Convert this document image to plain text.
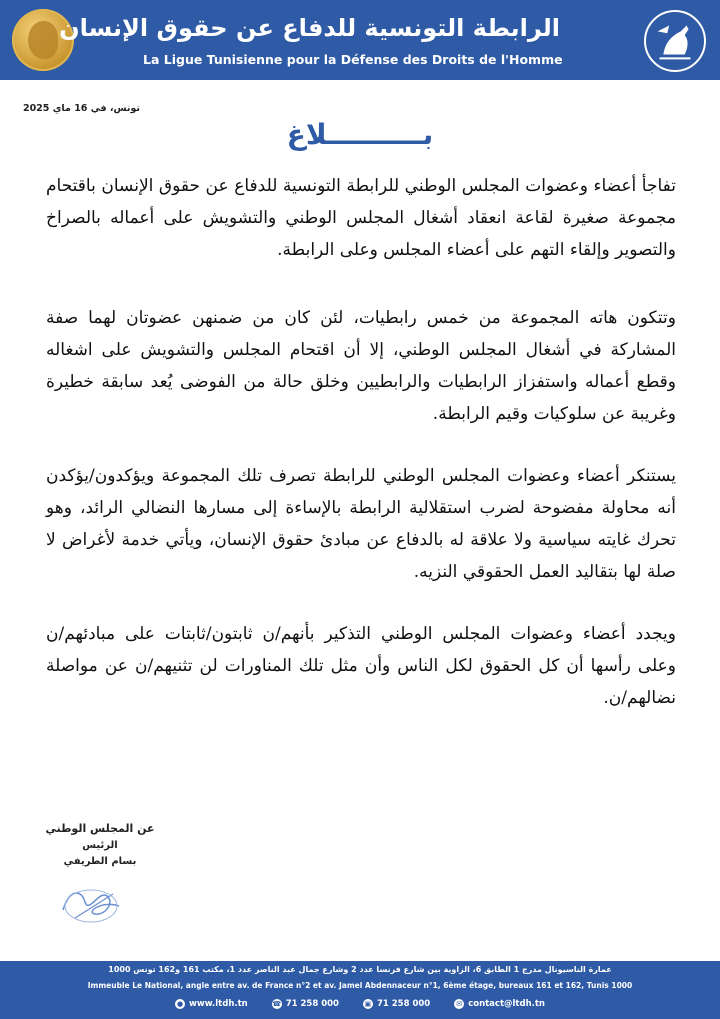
الرابطة التونسية للدفاع عن حقوق الإنسان
La Ligue Tunisienne pour la Défense des Droits de l'Homme
تونس، في 16 ماي 2025
بــــــــــلاغ

تفاجأ أعضاء وعضوات المجلس الوطني للرابطة التونسية للدفاع عن حقوق الإنسان باقتحام مجموعة صغيرة لقاعة انعقاد أشغال المجلس الوطني والتشويش على أعماله بالصراخ والتصوير وإلقاء التهم على أعضاء المجلس وعلى الرابطة.

وتتكون هاته المجموعة من خمس رابطيات، لئن كان من ضمنهن عضوتان لهما صفة المشاركة في أشغال المجلس الوطني، إلا أن اقتحام المجلس والتشويش على اشغاله وقطع أعماله واستفزاز الرابطيات والرابطيين وخلق حالة من الفوضى يُعد سابقة خطيرة وغريبة عن سلوكيات وقيم الرابطة.

يستنكر أعضاء وعضوات المجلس الوطني للرابطة تصرف تلك المجموعة ويؤكدون/يؤكدن أنه محاولة مفضوحة لضرب استقلالية الرابطة بالإساءة إلى مسارها النضالي الرائد، وهو تحرك غايته سياسية ولا علاقة له بالدفاع عن مبادئ حقوق الإنسان، ويأتي خدمة لأغراض لا صلة لها بتقاليد العمل الحقوقي النزيه.

ويجدد أعضاء وعضوات المجلس الوطني التذكير بأنهم/ن ثابتون/ثابتات على مبادئهم/ن وعلى رأسها أن كل الحقوق لكل الناس وأن مثل تلك المناورات لن تثنيهم/ن عن مواصلة نضالهم/ن.

عن المجلس الوطني
الرئيس
بسام الطريفي
عمارة الناسيونال مدرج 1 الطابق 6، الزاوية بين شارع فرنسا عدد 2 وشارع جمال عبد الناصر عدد 1، مكتب 161 و162 تونس 1000
Immeuble Le National, angle entre av. de France n°2 et av. Jamel Abdennaceur n°1, 6ème étage, bureaux 161 et 162, Tunis 1000
● www.ltdh.tn	☎ 71 258 000	▣ 71 258 000	✉ contact@ltdh.tn
